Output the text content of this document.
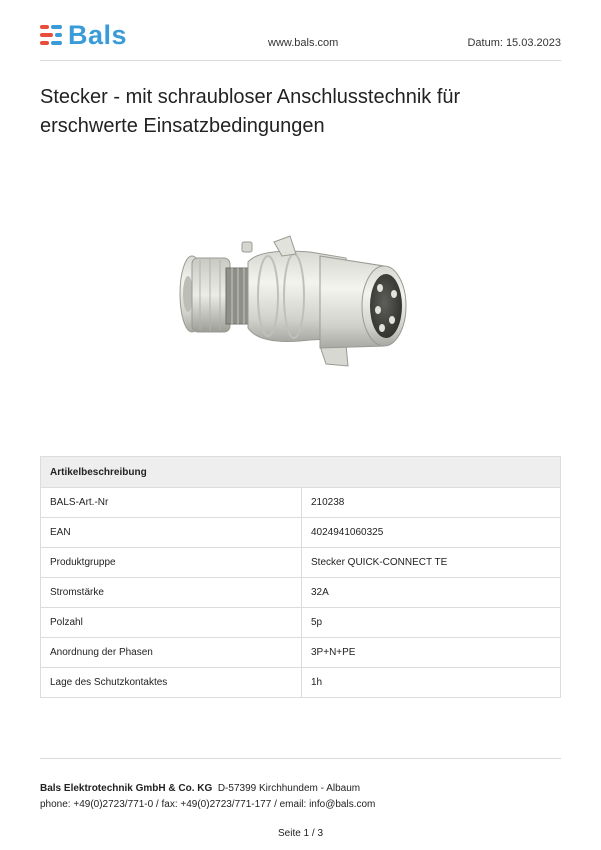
Bals	www.bals.com	Datum: 15.03.2023
Stecker - mit schraubloser Anschlusstechnik für erschwerte Einsatzbedingungen
Artikelbeschreibung	
BALS-Art.-Nr	210238
EAN	4024941060325
Produktgruppe	Stecker QUICK-CONNECT TE
Stromstärke	32A
Polzahl	5p
Anordnung der Phasen	3P+N+PE
Lage des Schutzkontaktes	1h
Bals Elektrotechnik GmbH & Co. KG D-57399 Kirchhundem - Albaum
phone: +49(0)2723/771-0 / fax: +49(0)2723/771-177 / email: info@bals.com
Seite 1 / 3
